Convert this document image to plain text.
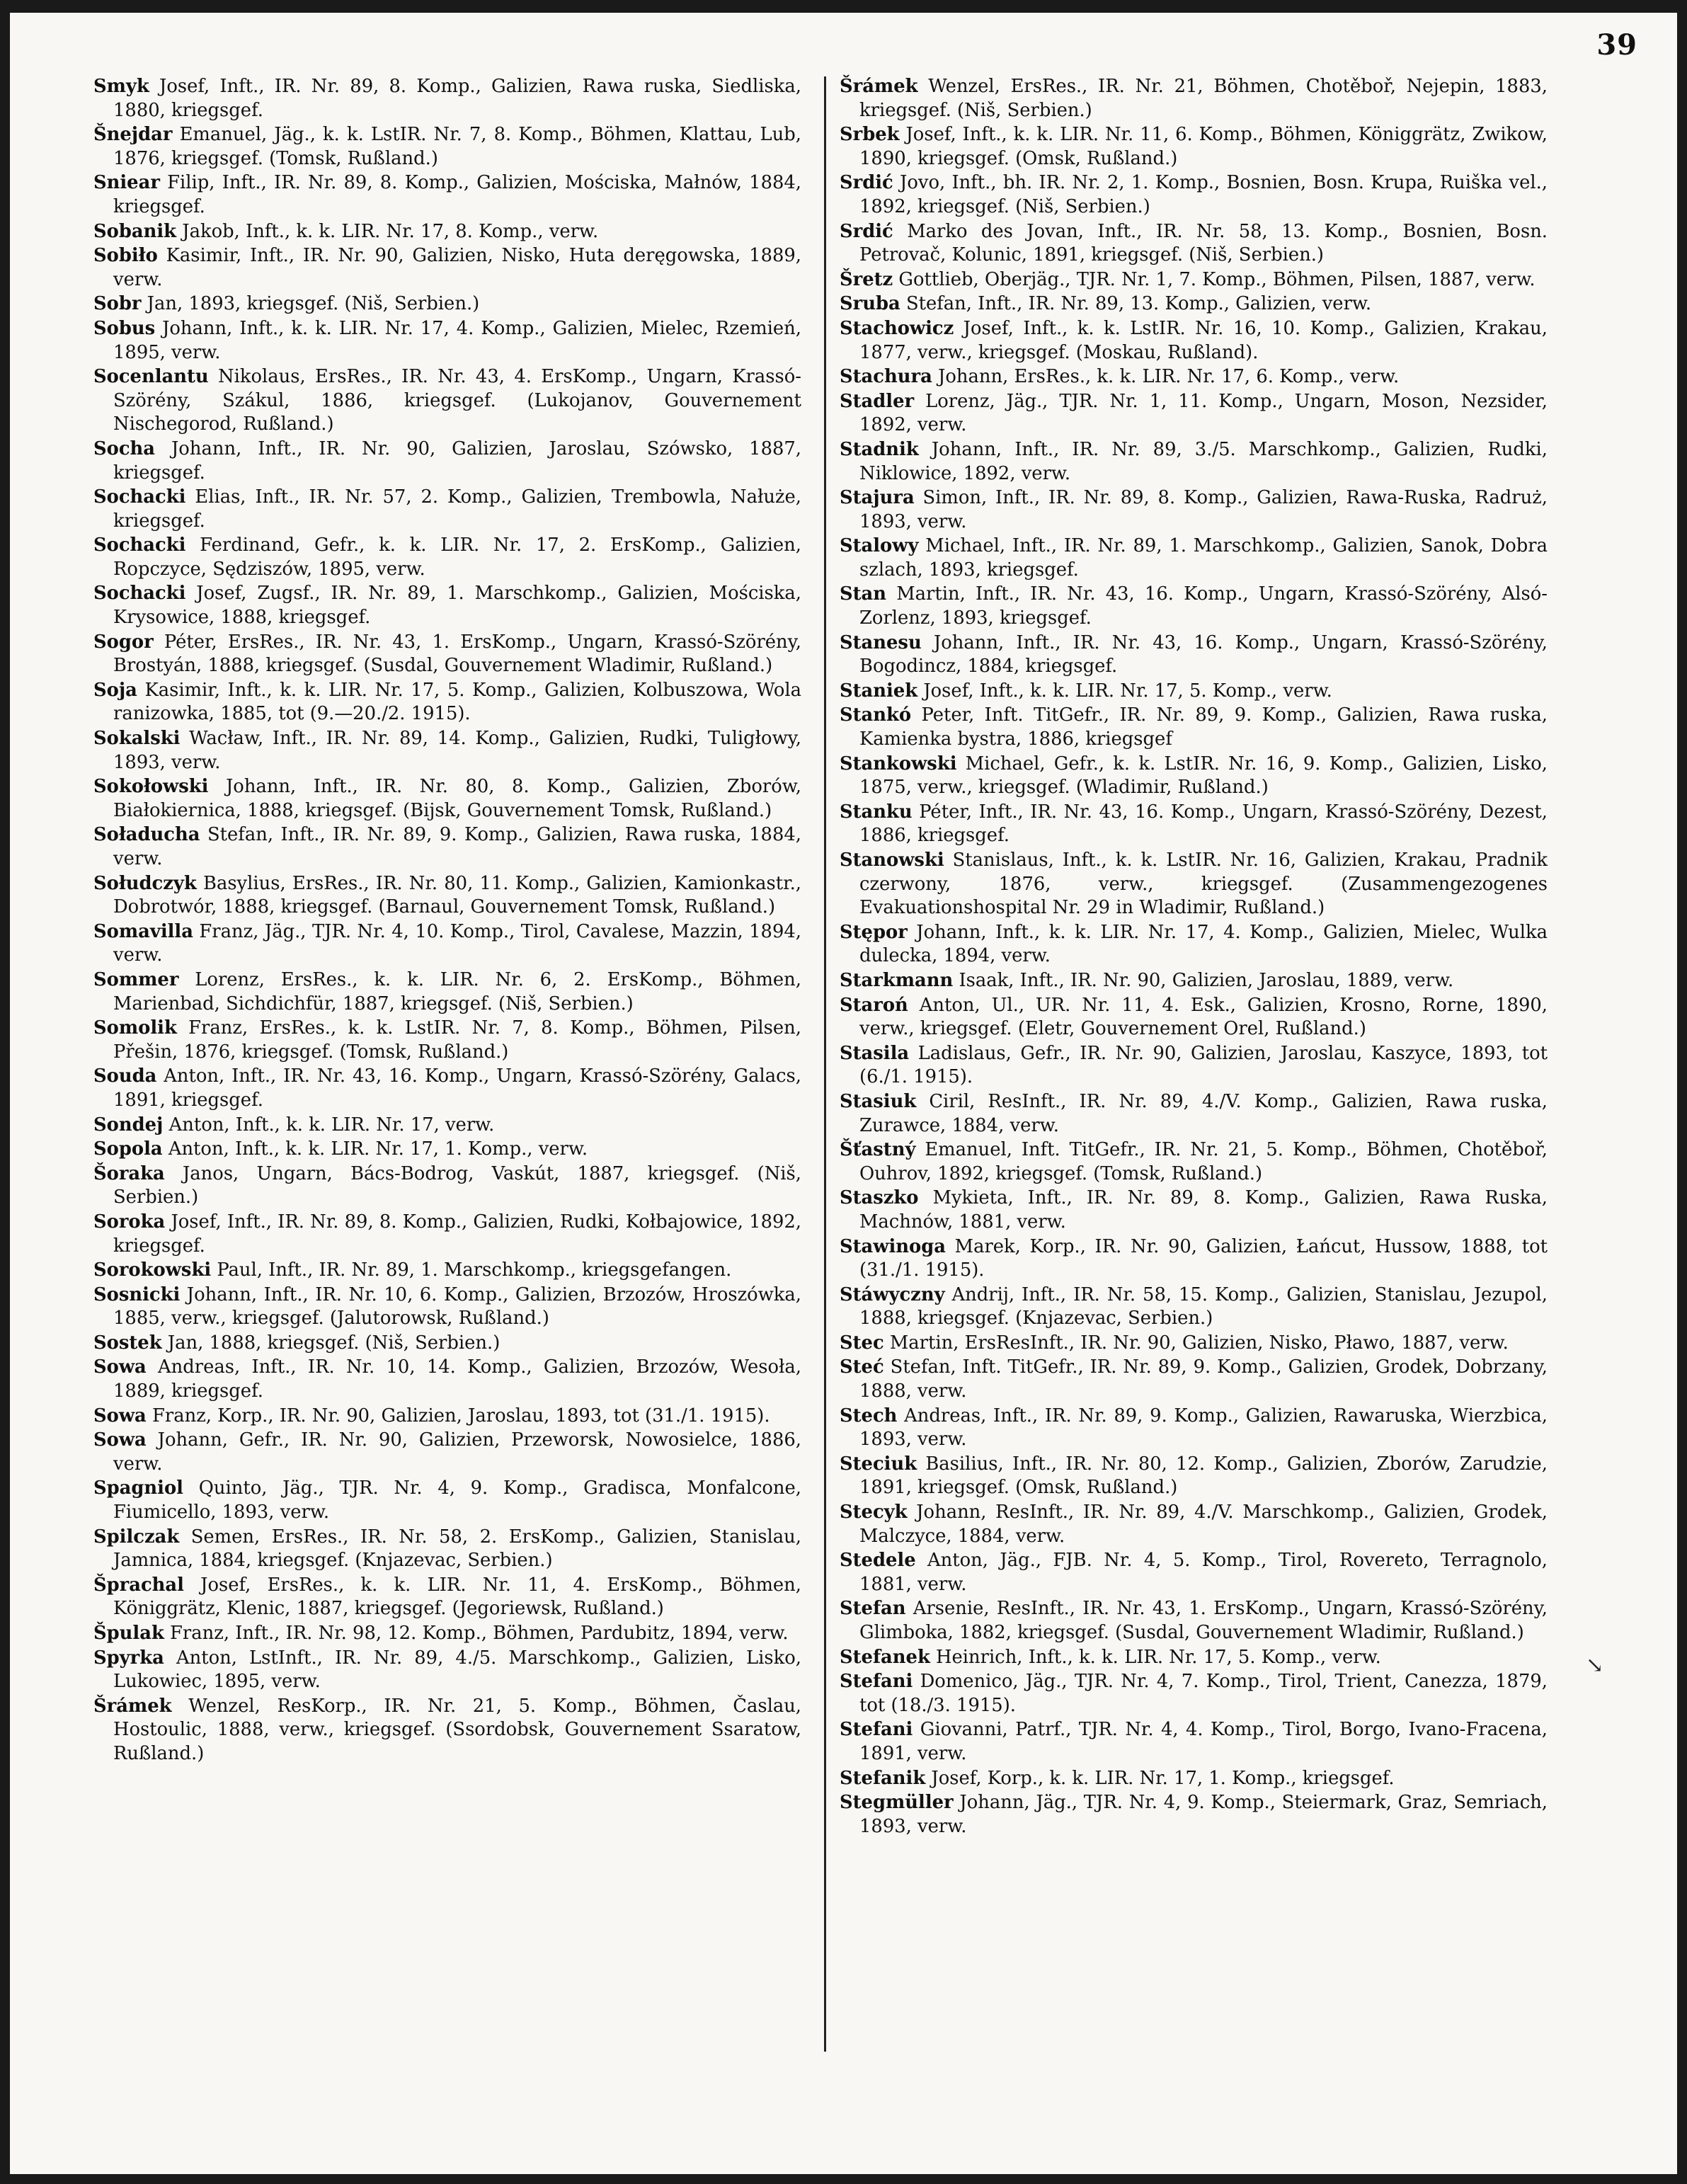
39

Smyk Josef, Inft., IR. Nr. 89, 8. Komp., Galizien, Rawa ruska, Siedliska, 1880, kriegsgef.

Šnejdar Emanuel, Jäg., k. k. LstIR. Nr. 7, 8. Komp., Böhmen, Klattau, Lub, 1876, kriegsgef. (Tomsk, Rußland.)

Sniear Filip, Inft., IR. Nr. 89, 8. Komp., Galizien, Mościska, Małnów, 1884, kriegsgef.

Sobanik Jakob, Inft., k. k. LIR. Nr. 17, 8. Komp., verw.

Sobiło Kasimir, Inft., IR. Nr. 90, Galizien, Nisko, Huta deręgowska, 1889, verw.

Sobr Jan, 1893, kriegsgef. (Niš, Serbien.)

Sobus Johann, Inft., k. k. LIR. Nr. 17, 4. Komp., Galizien, Mielec, Rzemień, 1895, verw.

Socenlantu Nikolaus, ErsRes., IR. Nr. 43, 4. ErsKomp., Ungarn, Krassó-Szörény, Szákul, 1886, kriegsgef. (Lukojanov, Gouvernement Nischegorod, Rußland.)

Socha Johann, Inft., IR. Nr. 90, Galizien, Jaroslau, Szówsko, 1887, kriegsgef.

Sochacki Elias, Inft., IR. Nr. 57, 2. Komp., Galizien, Trembowla, Nałuże, kriegsgef.

Sochacki Ferdinand, Gefr., k. k. LIR. Nr. 17, 2. ErsKomp., Galizien, Ropczyce, Sędziszów, 1895, verw.

Sochacki Josef, Zugsf., IR. Nr. 89, 1. Marschkomp., Galizien, Mościska, Krysowice, 1888, kriegsgef.

Sogor Péter, ErsRes., IR. Nr. 43, 1. ErsKomp., Ungarn, Krassó-Szörény, Brostyán, 1888, kriegsgef. (Susdal, Gouvernement Wladimir, Rußland.)

Soja Kasimir, Inft., k. k. LIR. Nr. 17, 5. Komp., Galizien, Kolbuszowa, Wola ranizowka, 1885, tot (9.—20./2. 1915).

Sokalski Wacław, Inft., IR. Nr. 89, 14. Komp., Galizien, Rudki, Tuligłowy, 1893, verw.

Sokołowski Johann, Inft., IR. Nr. 80, 8. Komp., Galizien, Zborów, Białokiernica, 1888, kriegsgef. (Bijsk, Gouvernement Tomsk, Rußland.)

Soładucha Stefan, Inft., IR. Nr. 89, 9. Komp., Galizien, Rawa ruska, 1884, verw.

Sołudczyk Basylius, ErsRes., IR. Nr. 80, 11. Komp., Galizien, Kamionkastr., Dobrotwór, 1888, kriegsgef. (Barnaul, Gouvernement Tomsk, Rußland.)

Somavilla Franz, Jäg., TJR. Nr. 4, 10. Komp., Tirol, Cavalese, Mazzin, 1894, verw.

Sommer Lorenz, ErsRes., k. k. LIR. Nr. 6, 2. ErsKomp., Böhmen, Marienbad, Sichdichfür, 1887, kriegsgef. (Niš, Serbien.)

Somolik Franz, ErsRes., k. k. LstIR. Nr. 7, 8. Komp., Böhmen, Pilsen, Přešin, 1876, kriegsgef. (Tomsk, Rußland.)

Souda Anton, Inft., IR. Nr. 43, 16. Komp., Ungarn, Krassó-Szörény, Galacs, 1891, kriegsgef.

Sondej Anton, Inft., k. k. LIR. Nr. 17, verw.

Sopola Anton, Inft., k. k. LIR. Nr. 17, 1. Komp., verw.

Šoraka Janos, Ungarn, Bács-Bodrog, Vaskút, 1887, kriegsgef. (Niš, Serbien.)

Soroka Josef, Inft., IR. Nr. 89, 8. Komp., Galizien, Rudki, Kołbajowice, 1892, kriegsgef.

Sorokowski Paul, Inft., IR. Nr. 89, 1. Marschkomp., kriegsgefangen.

Sosnicki Johann, Inft., IR. Nr. 10, 6. Komp., Galizien, Brzozów, Hroszówka, 1885, verw., kriegsgef. (Jalutorowsk, Rußland.)

Sostek Jan, 1888, kriegsgef. (Niš, Serbien.)

Sowa Andreas, Inft., IR. Nr. 10, 14. Komp., Galizien, Brzozów, Wesoła, 1889, kriegsgef.

Sowa Franz, Korp., IR. Nr. 90, Galizien, Jaroslau, 1893, tot (31./1. 1915).

Sowa Johann, Gefr., IR. Nr. 90, Galizien, Przeworsk, Nowosielce, 1886, verw.

Spagniol Quinto, Jäg., TJR. Nr. 4, 9. Komp., Gradisca, Monfalcone, Fiumicello, 1893, verw.

Spilczak Semen, ErsRes., IR. Nr. 58, 2. ErsKomp., Galizien, Stanislau, Jamnica, 1884, kriegsgef. (Knjazevac, Serbien.)

Šprachal Josef, ErsRes., k. k. LIR. Nr. 11, 4. ErsKomp., Böhmen, Königgrätz, Klenic, 1887, kriegsgef. (Jegoriewsk, Rußland.)

Špulak Franz, Inft., IR. Nr. 98, 12. Komp., Böhmen, Pardubitz, 1894, verw.

Spyrka Anton, LstInft., IR. Nr. 89, 4./5. Marschkomp., Galizien, Lisko, Lukowiec, 1895, verw.

Šrámek Wenzel, ResKorp., IR. Nr. 21, 5. Komp., Böhmen, Časlau, Hostoulic, 1888, verw., kriegsgef. (Ssordobsk, Gouvernement Ssaratow, Rußland.)

Šrámek Wenzel, ErsRes., IR. Nr. 21, Böhmen, Chotěboř, Nejepin, 1883, kriegsgef. (Niš, Serbien.)

Srbek Josef, Inft., k. k. LIR. Nr. 11, 6. Komp., Böhmen, Königgrätz, Zwikow, 1890, kriegsgef. (Omsk, Rußland.)

Srdić Jovo, Inft., bh. IR. Nr. 2, 1. Komp., Bosnien, Bosn. Krupa, Ruiška vel., 1892, kriegsgef. (Niš, Serbien.)

Srdić Marko des Jovan, Inft., IR. Nr. 58, 13. Komp., Bosnien, Bosn. Petrovač, Kolunic, 1891, kriegsgef. (Niš, Serbien.)

Šretz Gottlieb, Oberjäg., TJR. Nr. 1, 7. Komp., Böhmen, Pilsen, 1887, verw.

Sruba Stefan, Inft., IR. Nr. 89, 13. Komp., Galizien, verw.

Stachowicz Josef, Inft., k. k. LstIR. Nr. 16, 10. Komp., Galizien, Krakau, 1877, verw., kriegsgef. (Moskau, Rußland).

Stachura Johann, ErsRes., k. k. LIR. Nr. 17, 6. Komp., verw.

Stadler Lorenz, Jäg., TJR. Nr. 1, 11. Komp., Ungarn, Moson, Nezsider, 1892, verw.

Stadnik Johann, Inft., IR. Nr. 89, 3./5. Marschkomp., Galizien, Rudki, Niklowice, 1892, verw.

Stajura Simon, Inft., IR. Nr. 89, 8. Komp., Galizien, Rawa-Ruska, Radruż, 1893, verw.

Stalowy Michael, Inft., IR. Nr. 89, 1. Marschkomp., Galizien, Sanok, Dobra szlach, 1893, kriegsgef.

Stan Martin, Inft., IR. Nr. 43, 16. Komp., Ungarn, Krassó-Szörény, Alsó-Zorlenz, 1893, kriegsgef.

Stanesu Johann, Inft., IR. Nr. 43, 16. Komp., Ungarn, Krassó-Szörény, Bogodincz, 1884, kriegsgef.

Staniek Josef, Inft., k. k. LIR. Nr. 17, 5. Komp., verw.

Stankó Peter, Inft. TitGefr., IR. Nr. 89, 9. Komp., Galizien, Rawa ruska, Kamienka bystra, 1886, kriegsgef

Stankowski Michael, Gefr., k. k. LstIR. Nr. 16, 9. Komp., Galizien, Lisko, 1875, verw., kriegsgef. (Wladimir, Rußland.)

Stanku Péter, Inft., IR. Nr. 43, 16. Komp., Ungarn, Krassó-Szörény, Dezest, 1886, kriegsgef.

Stanowski Stanislaus, Inft., k. k. LstIR. Nr. 16, Galizien, Krakau, Pradnik czerwony, 1876, verw., kriegsgef. (Zusammengezogenes Evakuationshospital Nr. 29 in Wladimir, Rußland.)

Stępor Johann, Inft., k. k. LIR. Nr. 17, 4. Komp., Galizien, Mielec, Wulka dulecka, 1894, verw.

Starkmann Isaak, Inft., IR. Nr. 90, Galizien, Jaroslau, 1889, verw.

Staroń Anton, Ul., UR. Nr. 11, 4. Esk., Galizien, Krosno, Rorne, 1890, verw., kriegsgef. (Eletr, Gouvernement Orel, Rußland.)

Stasila Ladislaus, Gefr., IR. Nr. 90, Galizien, Jaroslau, Kaszyce, 1893, tot (6./1. 1915).

Stasiuk Ciril, ResInft., IR. Nr. 89, 4./V. Komp., Galizien, Rawa ruska, Zurawce, 1884, verw.

Šťastný Emanuel, Inft. TitGefr., IR. Nr. 21, 5. Komp., Böhmen, Chotěboř, Ouhrov, 1892, kriegsgef. (Tomsk, Rußland.)

Staszko Mykieta, Inft., IR. Nr. 89, 8. Komp., Galizien, Rawa Ruska, Machnów, 1881, verw.

Stawinoga Marek, Korp., IR. Nr. 90, Galizien, Łańcut, Hussow, 1888, tot (31./1. 1915).

Stáwyczny Andrij, Inft., IR. Nr. 58, 15. Komp., Galizien, Stanislau, Jezupol, 1888, kriegsgef. (Knjazevac, Serbien.)

Stec Martin, ErsResInft., IR. Nr. 90, Galizien, Nisko, Pławo, 1887, verw.

Steć Stefan, Inft. TitGefr., IR. Nr. 89, 9. Komp., Galizien, Grodek, Dobrzany, 1888, verw.

Stech Andreas, Inft., IR. Nr. 89, 9. Komp., Galizien, Rawaruska, Wierzbica, 1893, verw.

Steciuk Basilius, Inft., IR. Nr. 80, 12. Komp., Galizien, Zborów, Zarudzie, 1891, kriegsgef. (Omsk, Rußland.)

Stecyk Johann, ResInft., IR. Nr. 89, 4./V. Marschkomp., Galizien, Grodek, Malczyce, 1884, verw.

Stedele Anton, Jäg., FJB. Nr. 4, 5. Komp., Tirol, Rovereto, Terragnolo, 1881, verw.

Stefan Arsenie, ResInft., IR. Nr. 43, 1. ErsKomp., Ungarn, Krassó-Szörény, Glimboka, 1882, kriegsgef. (Susdal, Gouvernement Wladimir, Rußland.)

Stefanek Heinrich, Inft., k. k. LIR. Nr. 17, 5. Komp., verw.

Stefani Domenico, Jäg., TJR. Nr. 4, 7. Komp., Tirol, Trient, Canezza, 1879, tot (18./3. 1915).

Stefani Giovanni, Patrf., TJR. Nr. 4, 4. Komp., Tirol, Borgo, Ivano-Fracena, 1891, verw.

Stefanik Josef, Korp., k. k. LIR. Nr. 17, 1. Komp., kriegsgef.

Stegmüller Johann, Jäg., TJR. Nr. 4, 9. Komp., Steiermark, Graz, Semriach, 1893, verw.

↘
